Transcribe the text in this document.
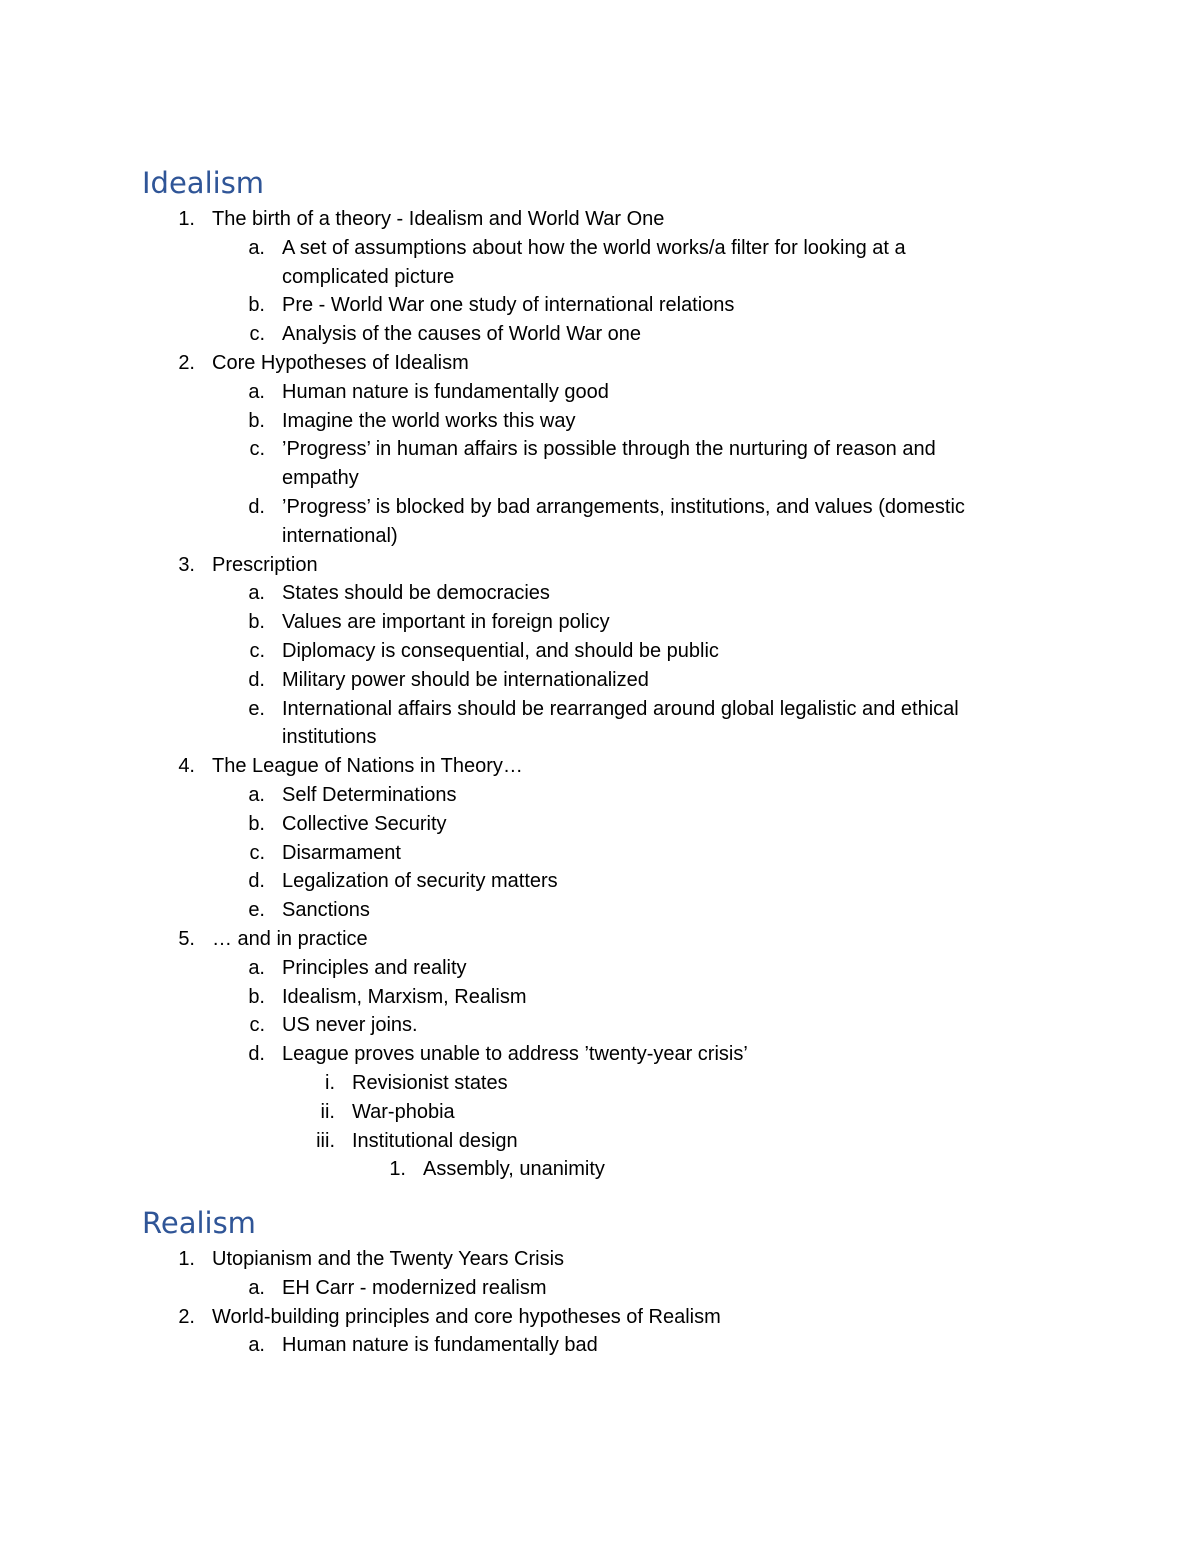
Idealism
1. The birth of a theory - Idealism and World War One
a. A set of assumptions about how the world works/a filter for looking at a
complicated picture
b. Pre - World War one study of international relations
c. Analysis of the causes of World War one
2. Core Hypotheses of Idealism
a. Human nature is fundamentally good
b. Imagine the world works this way
c. ’Progress’ in human affairs is possible through the nurturing of reason and
empathy
d. ’Progress’ is blocked by bad arrangements, institutions, and values (domestic
international)
3. Prescription
a. States should be democracies
b. Values are important in foreign policy
c. Diplomacy is consequential, and should be public
d. Military power should be internationalized
e. International affairs should be rearranged around global legalistic and ethical
institutions
4. The League of Nations in Theory…
a. Self Determinations
b. Collective Security
c. Disarmament
d. Legalization of security matters
e. Sanctions
5. … and in practice
a. Principles and reality
b. Idealism, Marxism, Realism
c. US never joins.
d. League proves unable to address ’twenty-year crisis’
i. Revisionist states
ii. War-phobia
iii. Institutional design
1. Assembly, unanimity
Realism
1. Utopianism and the Twenty Years Crisis
a. EH Carr - modernized realism
2. World-building principles and core hypotheses of Realism
a. Human nature is fundamentally bad
